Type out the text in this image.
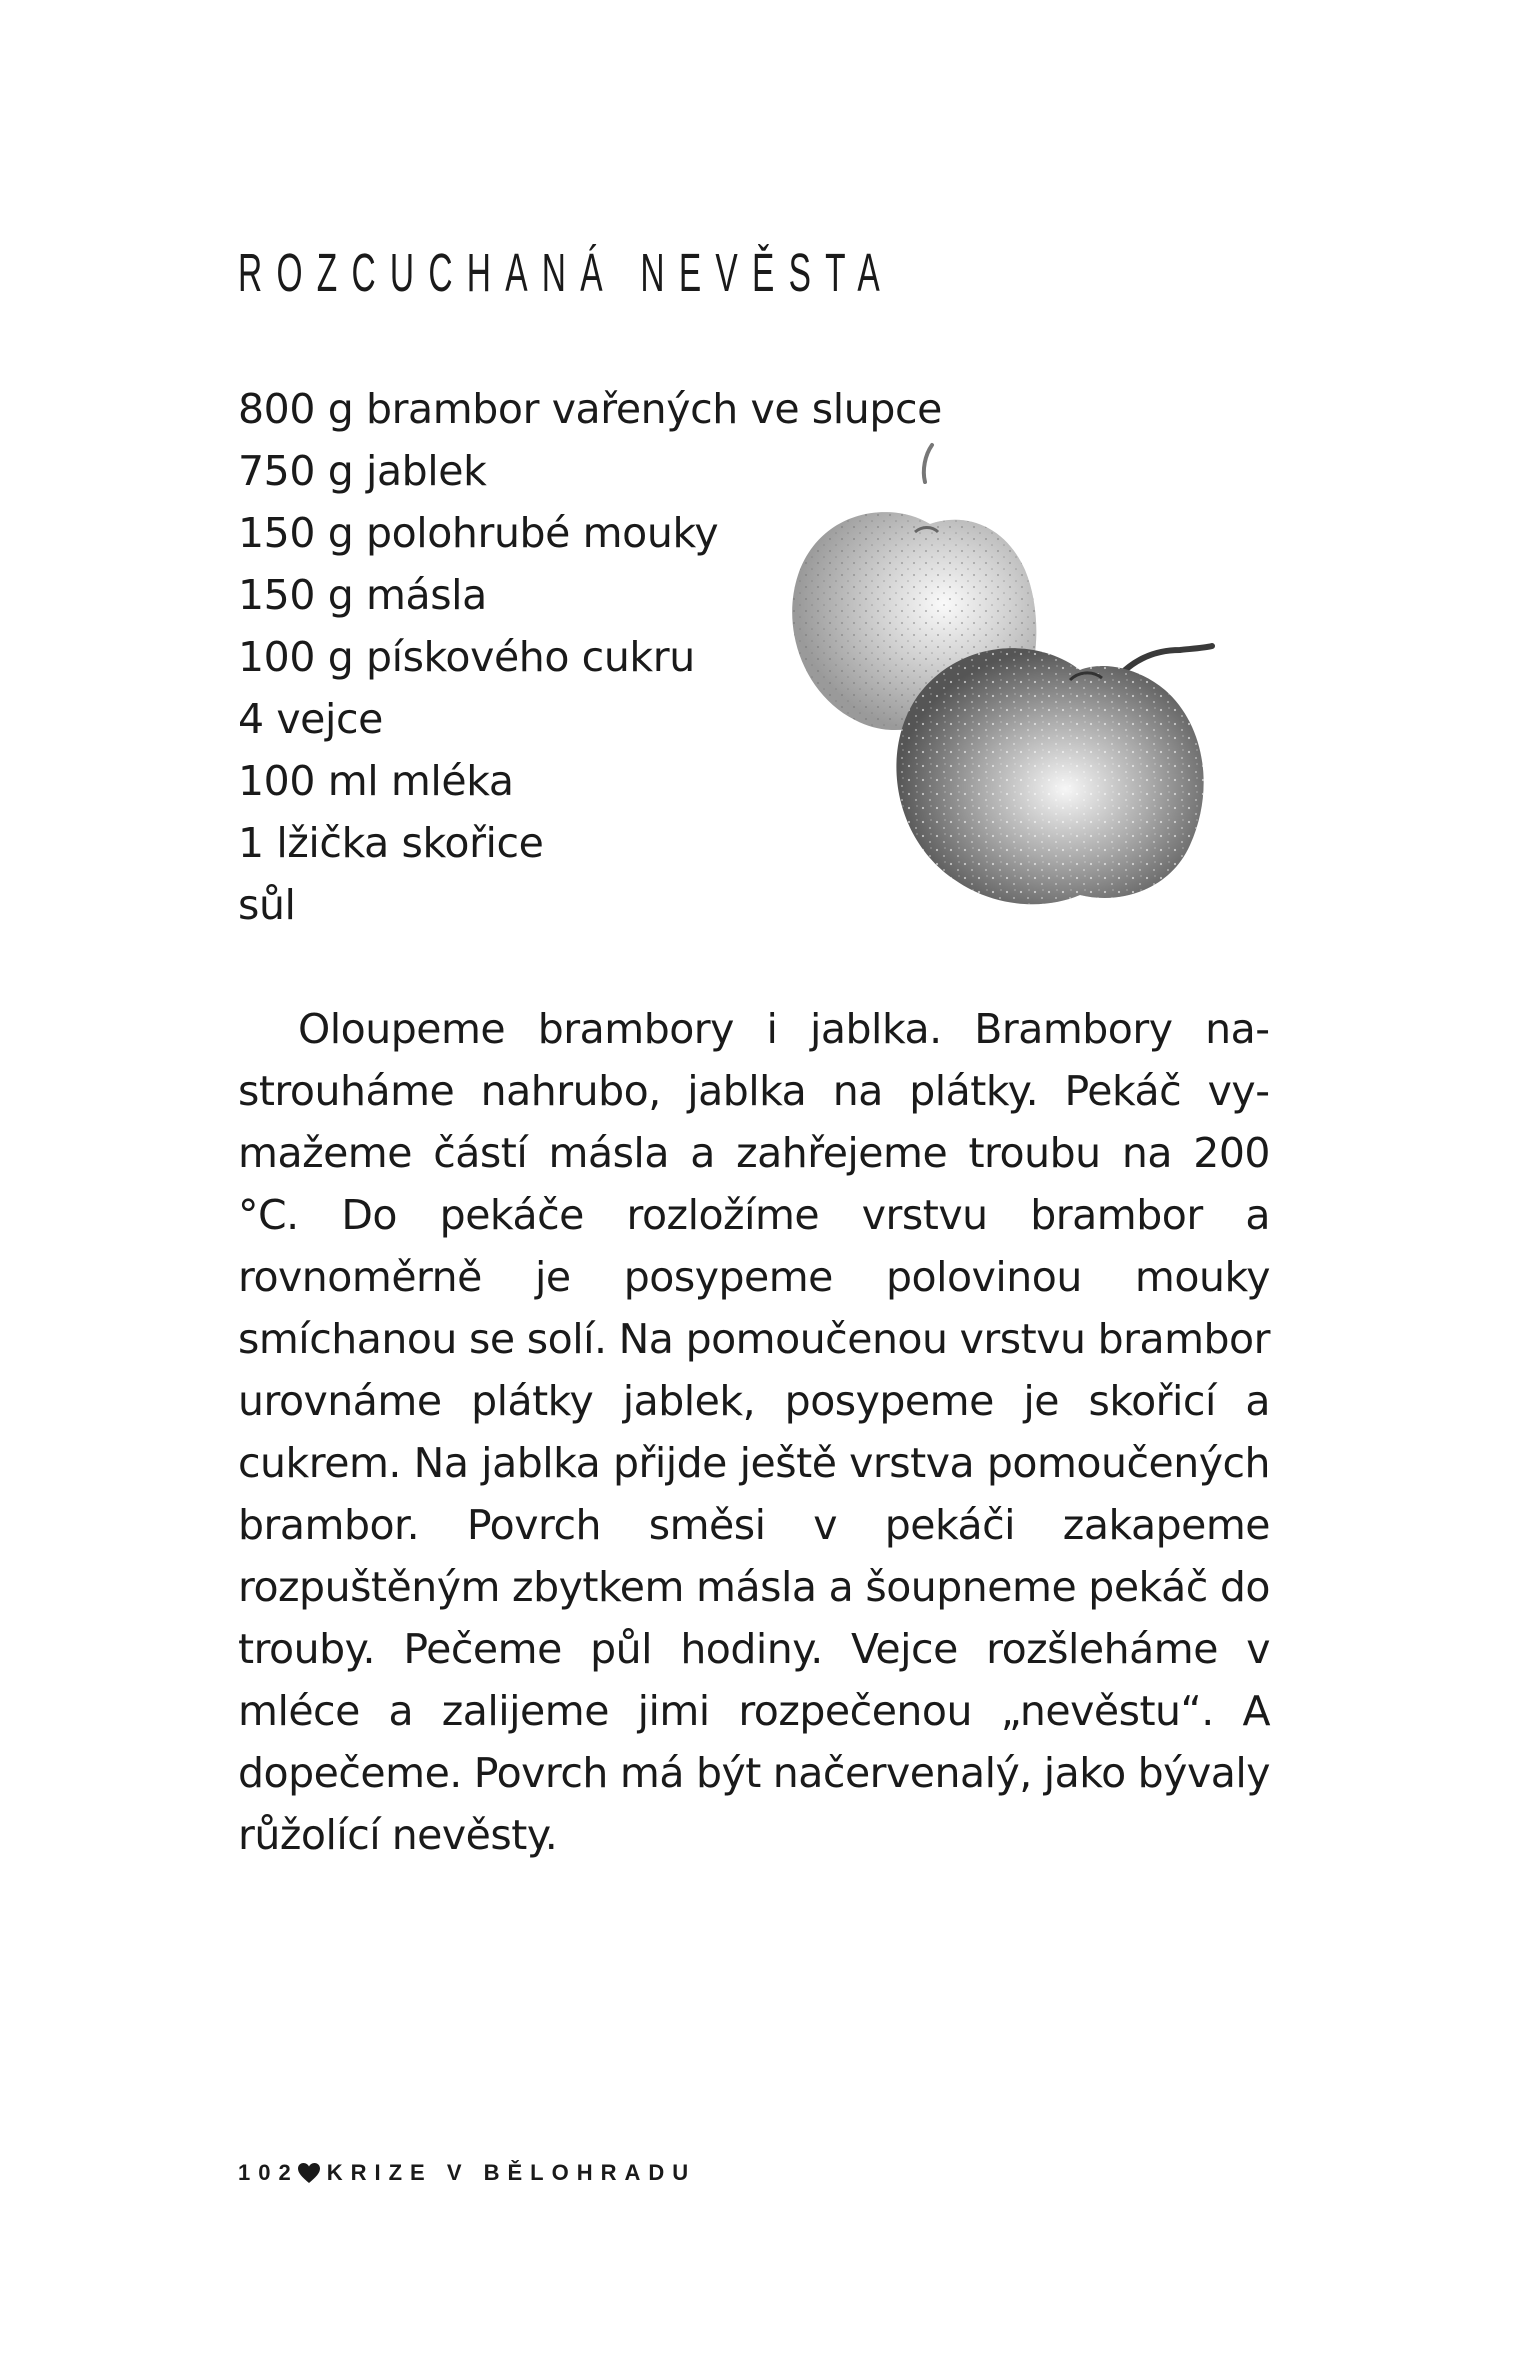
ROZCUCHANÁ NEVĚSTA
800 g brambor vařených ve slupce
750 g jablek
150 g polohrubé mouky
150 g másla
100 g pískového cukru
4 vejce
100 ml mléka
1 lžička skořice
sůl

Oloupeme brambory i jablka. Brambory nastrouháme nahrubo, jablka na plátky. Pekáč vymažeme částí másla a zahřejeme troubu na 200 °C. Do pekáče rozložíme vrstvu brambor a rovnoměrně je posypeme polovinou mouky smíchanou se solí. Na pomoučenou vrstvu brambor urovnáme plátky jablek, posypeme je skořicí a cukrem. Na jablka přijde ještě vrstva pomoučených brambor. Povrch směsi v pekáči zakapeme rozpuštěným zbytkem másla a šoupneme pekáč do trouby. Pečeme půl hodiny. Vejce rozšleháme v mléce a zalijeme jimi rozpečenou „nevěstu“. A dopečeme. Povrch má být načervenalý, jako bývaly růžolící nevěsty.

102 KRIZE V BĚLOHRADU
